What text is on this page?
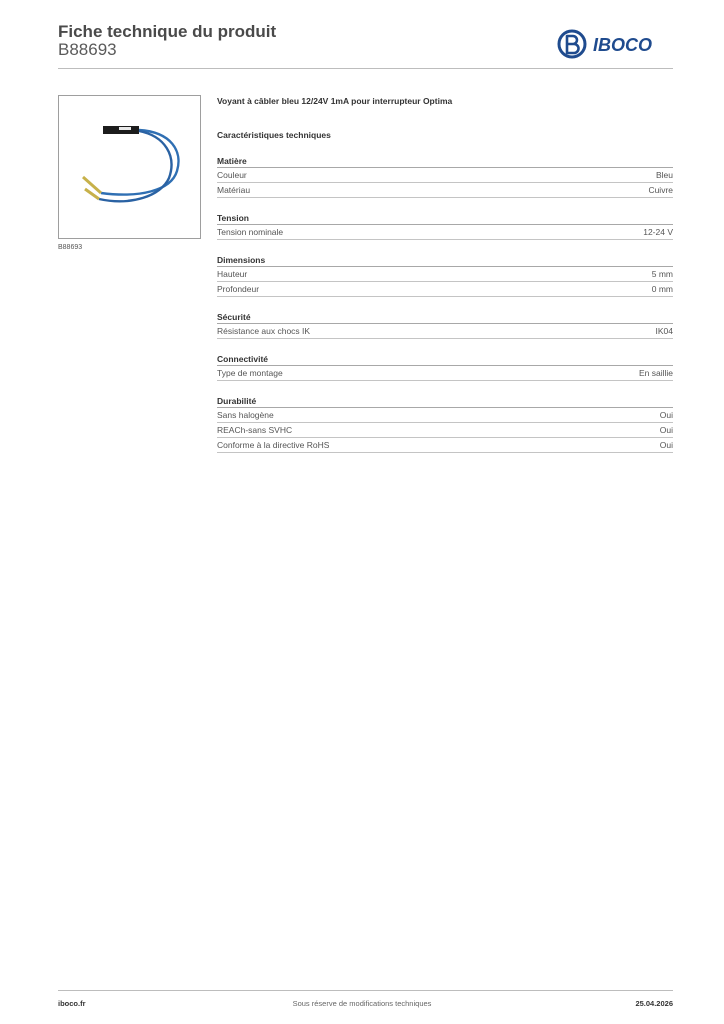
Fiche technique du produit
B88693	IBOCO
B88693
Voyant à câbler bleu 12/24V 1mA pour interrupteur Optima
Caractéristiques techniques
Matière
Couleur	Bleu
Matériau	Cuivre
Tension
Tension nominale	12-24 V
Dimensions
Hauteur	5 mm
Profondeur	0 mm
Sécurité
Résistance aux chocs IK	IK04
Connectivité
Type de montage	En saillie
Durabilité
Sans halogène	Oui
REACh-sans SVHC	Oui
Conforme à la directive RoHS	Oui
iboco.fr	Sous réserve de modifications techniques	25.04.2026
